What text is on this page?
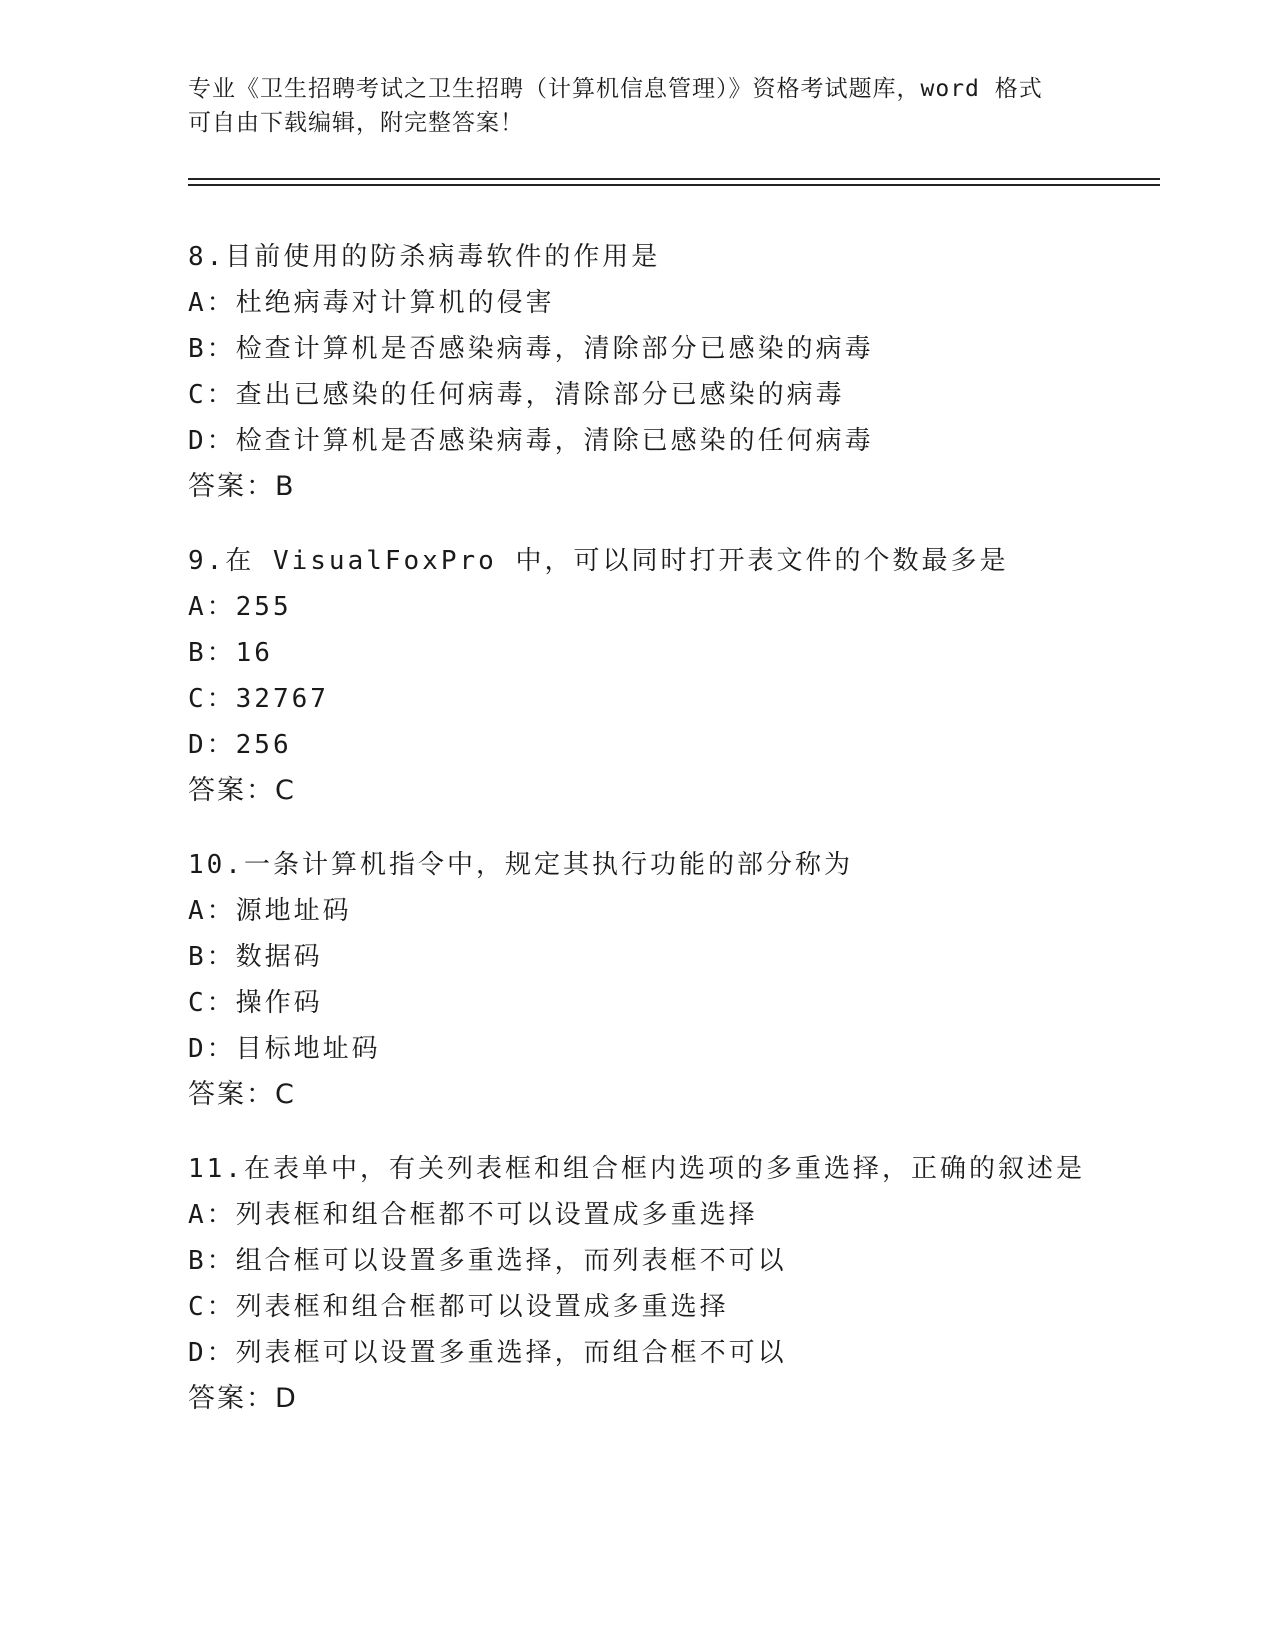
专业《卫生招聘考试之卫生招聘（计算机信息管理）》资格考试题库，word 格式
可自由下载编辑，附完整答案！
8.目前使用的防杀病毒软件的作用是
A：杜绝病毒对计算机的侵害
B：检查计算机是否感染病毒，清除部分已感染的病毒
C：查出已感染的任何病毒，清除部分已感染的病毒
D：检查计算机是否感染病毒，清除已感染的任何病毒
答案：B
9.在 VisualFoxPro 中，可以同时打开表文件的个数最多是
A：255
B：16
C：32767
D：256
答案：C
10.一条计算机指令中，规定其执行功能的部分称为
A：源地址码
B：数据码
C：操作码
D：目标地址码
答案：C
11.在表单中，有关列表框和组合框内选项的多重选择，正确的叙述是
A：列表框和组合框都不可以设置成多重选择
B：组合框可以设置多重选择，而列表框不可以
C：列表框和组合框都可以设置成多重选择
D：列表框可以设置多重选择，而组合框不可以
答案：D
